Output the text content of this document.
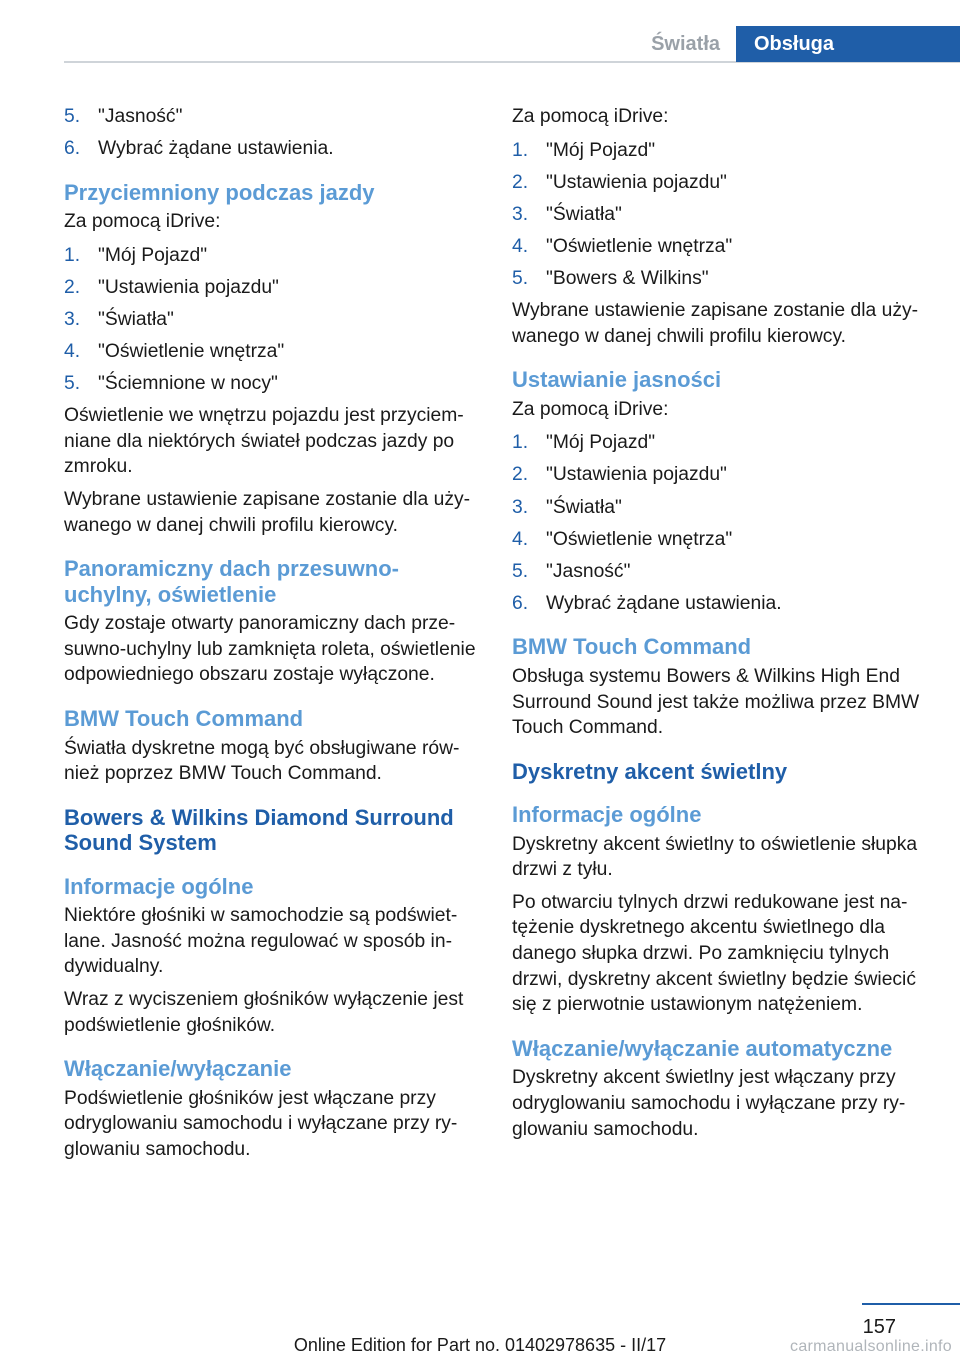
Światła	Obsługa
5. "Jasność"
6. Wybrać żądane ustawienia.
Przyciemniony podczas jazdy

Za pomocą iDrive:

1. "Mój Pojazd"
2. "Ustawienia pojazdu"
3. "Światła"
4. "Oświetlenie wnętrza"
5. "Ściemnione w nocy"

Oświetlenie we wnętrzu pojazdu jest przyciemniane dla niektórych świateł podczas jazdy po zmroku.

Wybrane ustawienie zapisane zostanie dla używanego w danej chwili profilu kierowcy.

Panoramiczny dach przesuwno-uchylny, oświetlenie

Gdy zostaje otwarty panoramiczny dach przesuwno-uchylny lub zamknięta roleta, oświetlenie odpowiedniego obszaru zostaje wyłączone.

BMW Touch Command

Światła dyskretne mogą być obsługiwane również poprzez BMW Touch Command.

Bowers & Wilkins Diamond Surround Sound System
Informacje ogólne

Niektóre głośniki w samochodzie są podświetlane. Jasność można regulować w sposób indywidualny.

Wraz z wyciszeniem głośników wyłączenie jest podświetlenie głośników.

Włączanie/wyłączanie

Podświetlenie głośników jest włączane przy odryglowaniu samochodu i wyłączane przy ryglowaniu samochodu.

Za pomocą iDrive:

1. "Mój Pojazd"
2. "Ustawienia pojazdu"
3. "Światła"
4. "Oświetlenie wnętrza"
5. "Bowers & Wilkins"

Wybrane ustawienie zapisane zostanie dla używanego w danej chwili profilu kierowcy.

Ustawianie jasności

Za pomocą iDrive:

1. "Mój Pojazd"
2. "Ustawienia pojazdu"
3. "Światła"
4. "Oświetlenie wnętrza"
5. "Jasność"
6. Wybrać żądane ustawienia.
BMW Touch Command

Obsługa systemu Bowers & Wilkins High End Surround Sound jest także możliwa przez BMW Touch Command.

Dyskretny akcent świetlny
Informacje ogólne

Dyskretny akcent świetlny to oświetlenie słupka drzwi z tyłu.

Po otwarciu tylnych drzwi redukowane jest natężenie dyskretnego akcentu świetlnego dla danego słupka drzwi. Po zamknięciu tylnych drzwi, dyskretny akcent świetlny będzie świecić się z pierwotnie ustawionym natężeniem.

Włączanie/wyłączanie automatyczne

Dyskretny akcent świetlny jest włączany przy odryglowaniu samochodu i wyłączane przy ryglowaniu samochodu.

157
Online Edition for Part no. 01402978635 - II/17	carmanualsonline.info
